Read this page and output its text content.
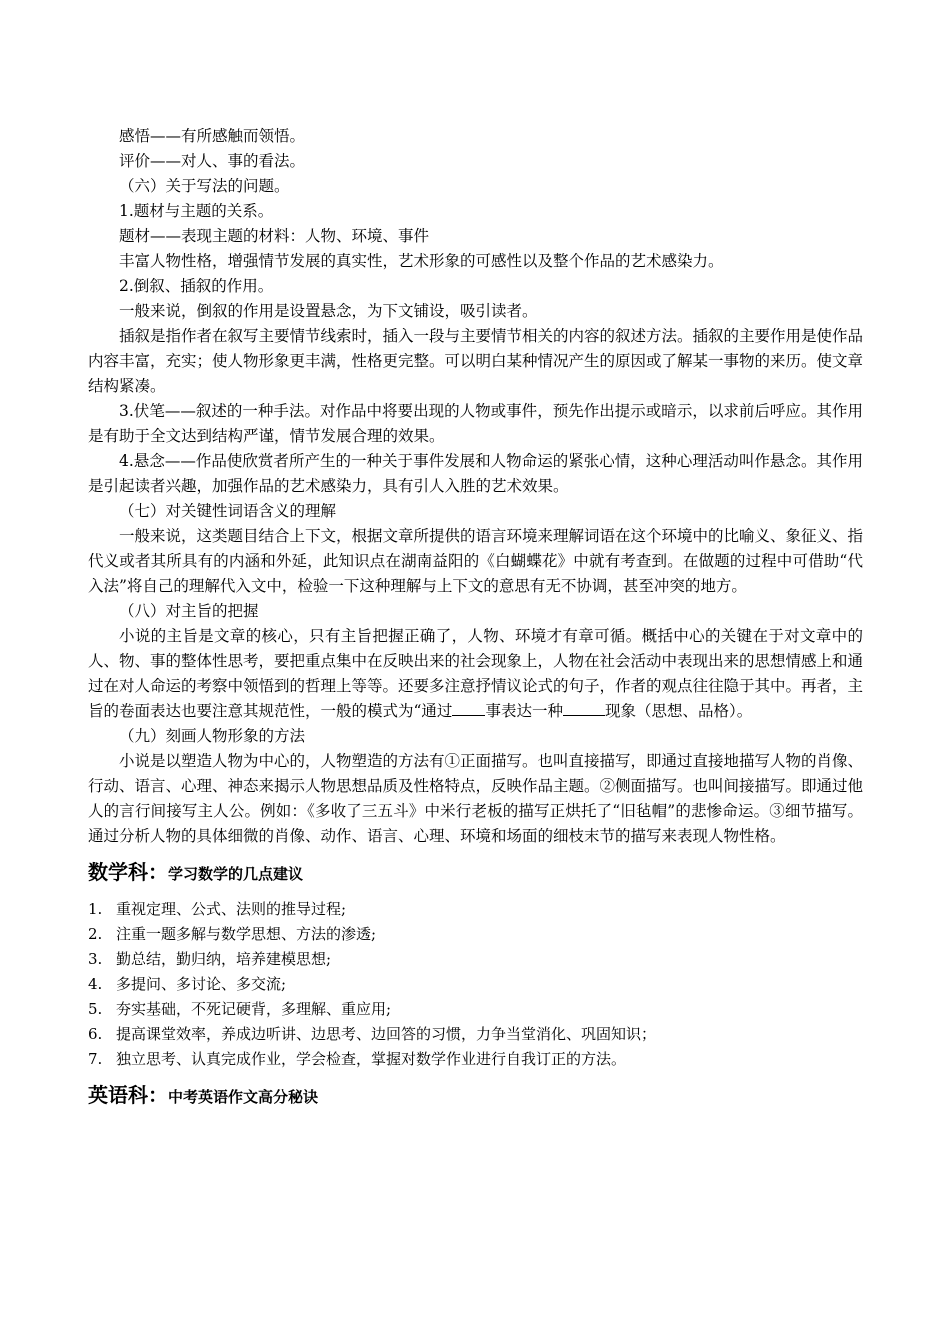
感悟——有所感触而领悟。

评价——对人、事的看法。

（六）关于写法的问题。

1.题材与主题的关系。

题材——表现主题的材料：人物、环境、事件

丰富人物性格，增强情节发展的真实性，艺术形象的可感性以及整个作品的艺术感染力。

2.倒叙、插叙的作用。

一般来说，倒叙的作用是设置悬念，为下文铺设，吸引读者。

插叙是指作者在叙写主要情节线索时，插入一段与主要情节相关的内容的叙述方法。插叙的主要作用是使作品内容丰富，充实；使人物形象更丰满，性格更完整。可以明白某种情况产生的原因或了解某一事物的来历。使文章结构紧凑。

3.伏笔——叙述的一种手法。对作品中将要出现的人物或事件，预先作出提示或暗示，以求前后呼应。其作用是有助于全文达到结构严谨，情节发展合理的效果。

4.悬念——作品使欣赏者所产生的一种关于事件发展和人物命运的紧张心情，这种心理活动叫作悬念。其作用是引起读者兴趣，加强作品的艺术感染力，具有引人入胜的艺术效果。

（七）对关键性词语含义的理解

一般来说，这类题目结合上下文，根据文章所提供的语言环境来理解词语在这个环境中的比喻义、象征义、指代义或者其所具有的内涵和外延，此知识点在湖南益阳的《白蝴蝶花》中就有考查到。在做题的过程中可借助“代入法”将自己的理解代入文中，检验一下这种理解与上下文的意思有无不协调，甚至冲突的地方。

（八）对主旨的把握

小说的主旨是文章的核心，只有主旨把握正确了，人物、环境才有章可循。概括中心的关键在于对文章中的人、物、事的整体性思考，要把重点集中在反映出来的社会现象上，人物在社会活动中表现出来的思想情感上和通过在对人命运的考察中领悟到的哲理上等等。还要多注意抒情议论式的句子，作者的观点往往隐于其中。再者，主旨的卷面表达也要注意其规范性，一般的模式为“通过 事表达一种	现象（思想、品格）。

（九）刻画人物形象的方法

小说是以塑造人物为中心的，人物塑造的方法有①正面描写。也叫直接描写，即通过直接地描写人物的肖像、行动、语言、心理、神态来揭示人物思想品质及性格特点，反映作品主题。②侧面描写。也叫间接描写。即通过他人的言行间接写主人公。例如：《多收了三五斗》中米行老板的描写正烘托了“旧毡帽”的悲惨命运。③细节描写。通过分析人物的具体细微的肖像、动作、语言、心理、环境和场面的细枝末节的描写来表现人物性格。

数学科：学习数学的几点建议
1. 重视定理、公式、法则的推导过程;
2. 注重一题多解与数学思想、方法的渗透;
3. 勤总结，勤归纳，培养建模思想;
4. 多提问、多讨论、多交流;
5. 夯实基础，不死记硬背，多理解、重应用;
6. 提高课堂效率，养成边听讲、边思考、边回答的习惯，力争当堂消化、巩固知识；
7. 独立思考、认真完成作业，学会检查，掌握对数学作业进行自我订正的方法。
英语科：中考英语作文高分秘诀
